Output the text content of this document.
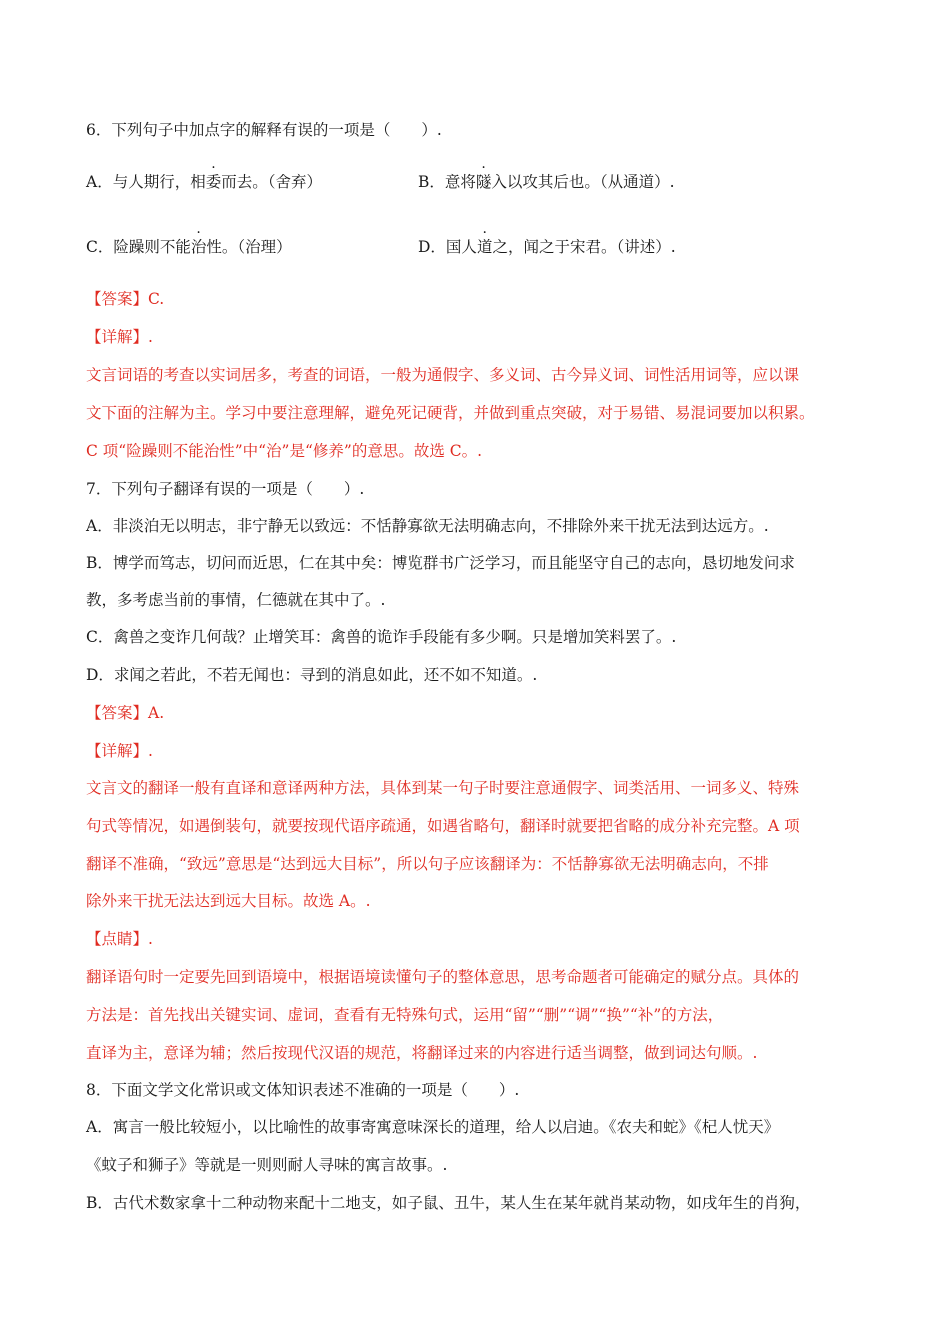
6．下列句子中加点字的解释有误的一项是（　　）.
A．与人期行，相委而去。（舍弃）	B．意将隧入以攻其后也。（从通道）.
C．险躁则不能治性。（治理）	D．国人道之，闻之于宋君。（讲述）.
【答案】C.
【详解】.
文言词语的考查以实词居多，考查的词语，一般为通假字、多义词、古今异义词、词性活用词等，应以课
文下面的注解为主。学习中要注意理解，避免死记硬背，并做到重点突破，对于易错、易混词要加以积累。
C 项“险躁则不能治性”中“治”是“修养”的意思。故选 C。.
7．下列句子翻译有误的一项是（　　）.
A．非淡泊无以明志，非宁静无以致远：不恬静寡欲无法明确志向，不排除外来干扰无法到达远方。.
B．博学而笃志，切问而近思，仁在其中矣：博览群书广泛学习，而且能坚守自己的志向，恳切地发问求
教，多考虑当前的事情，仁德就在其中了。.
C．禽兽之变诈几何哉？止增笑耳：禽兽的诡诈手段能有多少啊。只是增加笑料罢了。.
D．求闻之若此，不若无闻也：寻到的消息如此，还不如不知道。.
【答案】A.
【详解】.
文言文的翻译一般有直译和意译两种方法，具体到某一句子时要注意通假字、词类活用、一词多义、特殊
句式等情况，如遇倒装句，就要按现代语序疏通，如遇省略句，翻译时就要把省略的成分补充完整。A 项
翻译不准确，“致远”意思是“达到远大目标”，所以句子应该翻译为：不恬静寡欲无法明确志向，不排
除外来干扰无法达到远大目标。故选 A。.
【点睛】.
翻译语句时一定要先回到语境中，根据语境读懂句子的整体意思，思考命题者可能确定的赋分点。具体的
方法是：首先找出关键实词、虚词，查看有无特殊句式，运用“留”“删”“调”“换”“补”的方法，
直译为主，意译为辅；然后按现代汉语的规范，将翻译过来的内容进行适当调整，做到词达句顺。.
8．下面文学文化常识或文体知识表述不准确的一项是（　　）.
A．寓言一般比较短小，以比喻性的故事寄寓意味深长的道理，给人以启迪。《农夫和蛇》《杞人忧天》
《蚊子和狮子》等就是一则则耐人寻味的寓言故事。.
B．古代术数家拿十二种动物来配十二地支，如子鼠、丑牛，某人生在某年就肖某动物，如戌年生的肖狗，
